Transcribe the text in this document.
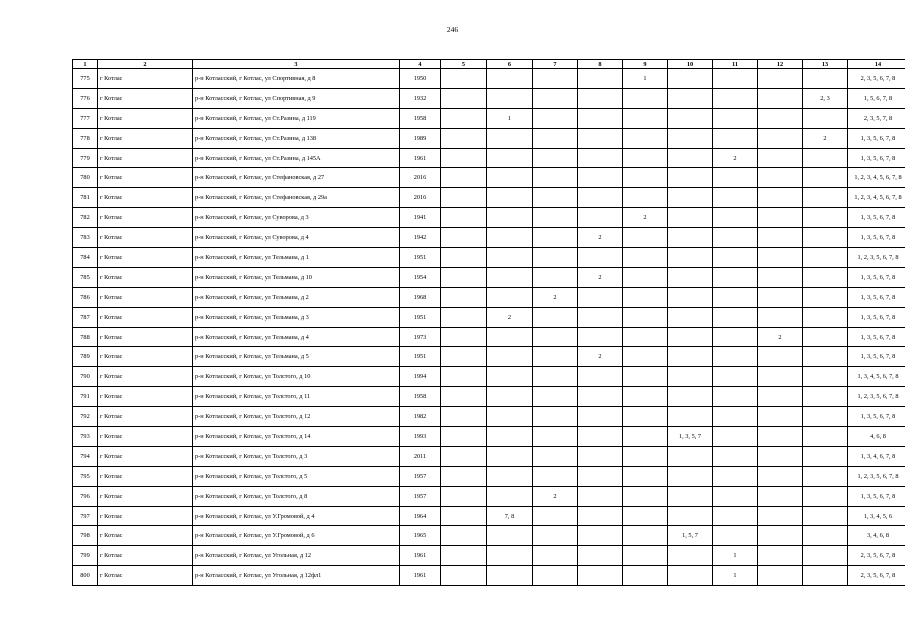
246
1	2	3	4	5	6	7	8	9	10	11	12	13	14
775	г Котлас	р-н Котласский, г Котлас, ул Спортивная, д 8	1950					1					2, 3, 5, 6, 7, 8
776	г Котлас	р-н Котласский, г Котлас, ул Спортивная, д 9	1932									2, 3	1, 5, 6, 7, 8
777	г Котлас	р-н Котласский, г Котлас, ул Ст.Разина, д 119	1958		1								2, 3, 5, 7, 8
778	г Котлас	р-н Котласский, г Котлас, ул Ст.Разина, д 138	1989									2	1, 3, 5, 6, 7, 8
779	г Котлас	р-н Котласский, г Котлас, ул Ст.Разина, д 145А	1961							2			1, 3, 5, 6, 7, 8
780	г Котлас	р-н Котласский, г Котлас, ул Стефановская, д 27	2016										1, 2, 3, 4, 5, 6, 7, 8
781	г Котлас	р-н Котласский, г Котлас, ул Стефановская, д 29а	2016										1, 2, 3, 4, 5, 6, 7, 8
782	г Котлас	р-н Котласский, г Котлас, ул Суворова, д 3	1941					2					1, 3, 5, 6, 7, 8
783	г Котлас	р-н Котласский, г Котлас, ул Суворова, д 4	1942				2						1, 3, 5, 6, 7, 8
784	г Котлас	р-н Котласский, г Котлас, ул Тельмана, д 1	1951										1, 2, 3, 5, 6, 7, 8
785	г Котлас	р-н Котласский, г Котлас, ул Тельмана, д 10	1954				2						1, 3, 5, 6, 7, 8
786	г Котлас	р-н Котласский, г Котлас, ул Тельмана, д 2	1968			2							1, 3, 5, 6, 7, 8
787	г Котлас	р-н Котласский, г Котлас, ул Тельмана, д 3	1951		2								1, 3, 5, 6, 7, 8
788	г Котлас	р-н Котласский, г Котлас, ул Тельмана, д 4	1973								2		1, 3, 5, 6, 7, 8
789	г Котлас	р-н Котласский, г Котлас, ул Тельмана, д 5	1951				2						1, 3, 5, 6, 7, 8
790	г Котлас	р-н Котласский, г Котлас, ул Толстого, д 10	1994										1, 3, 4, 5, 6, 7, 8
791	г Котлас	р-н Котласский, г Котлас, ул Толстого, д 11	1958										1, 2, 3, 5, 6, 7, 8
792	г Котлас	р-н Котласский, г Котлас, ул Толстого, д 12	1982										1, 3, 5, 6, 7, 8
793	г Котлас	р-н Котласский, г Котлас, ул Толстого, д 14	1993						1, 3, 5, 7				4, 6, 8
794	г Котлас	р-н Котласский, г Котлас, ул Толстого, д 3	2011										1, 3, 4, 6, 7, 8
795	г Котлас	р-н Котласский, г Котлас, ул Толстого, д 5	1957										1, 2, 3, 5, 6, 7, 8
796	г Котлас	р-н Котласский, г Котлас, ул Толстого, д 8	1957			2							1, 3, 5, 6, 7, 8
797	г Котлас	р-н Котласский, г Котлас, ул У.Громовой, д 4	1964		7, 8								1, 3, 4, 5, 6
798	г Котлас	р-н Котласский, г Котлас, ул У.Громовой, д 6	1965						1, 5, 7				3, 4, 6, 8
799	г Котлас	р-н Котласский, г Котлас, ул Угольная, д 12	1961							1			2, 3, 5, 6, 7, 8
800	г Котлас	р-н Котласский, г Котлас, ул Угольная, д 12фл1	1961							1			2, 3, 5, 6, 7, 8
